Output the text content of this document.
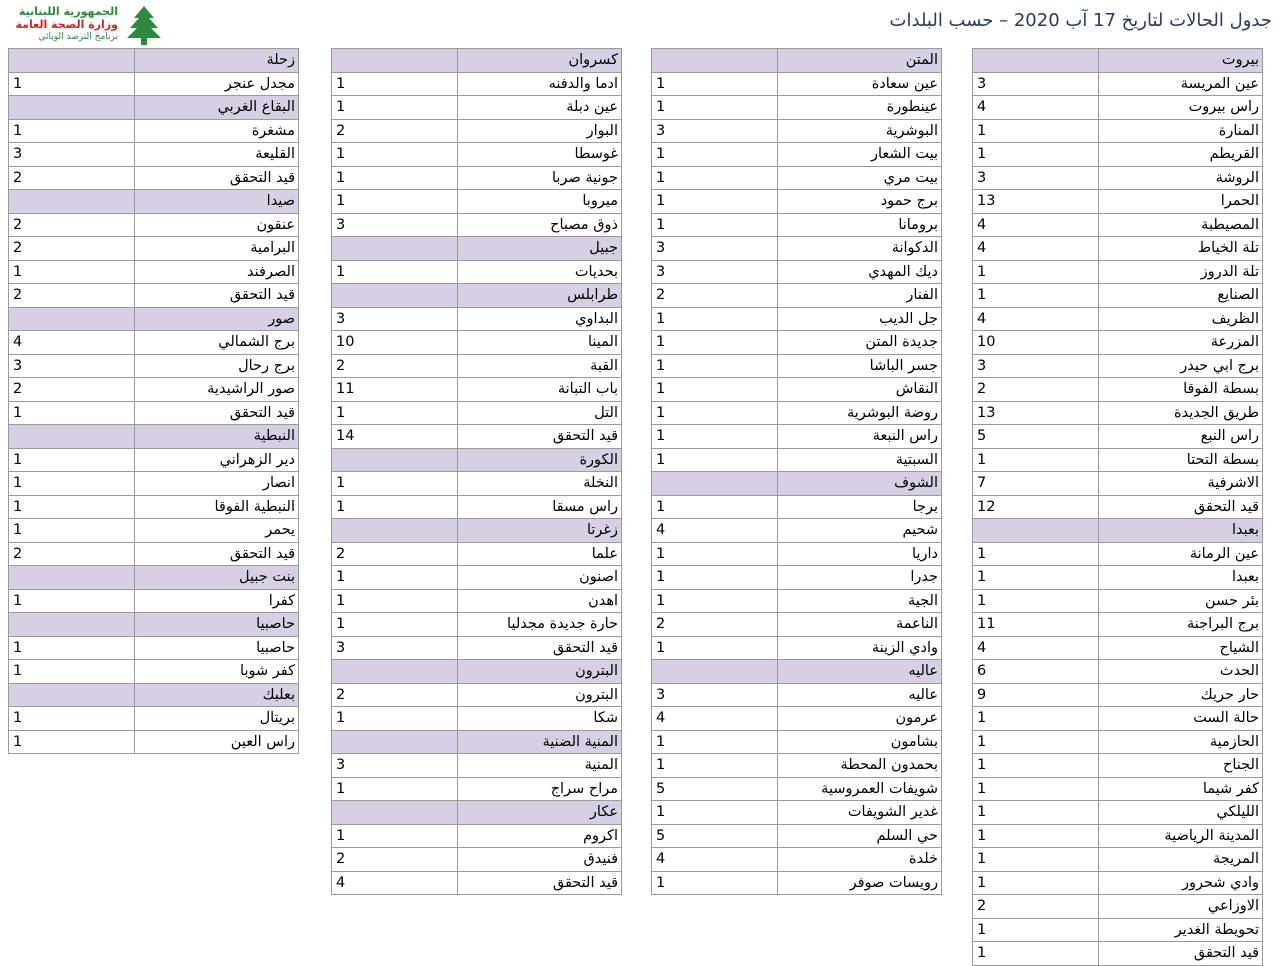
الجمهورية اللبنانية
وزارة الصحة العامة
برنامج الترصد الوبائي
جدول الحالات لتاريخ 17 آب 2020 – حسب البلدات
بيروت	
عين المريسة	3
راس بيروت	4
المنارة	1
القريطم	1
الروشة	3
الحمرا	13
المصيطبة	4
تلة الخياط	4
تلة الدروز	1
الصنايع	1
الظريف	4
المزرعة	10
برج ابي حيدر	3
بسطة الفوقا	2
طريق الجديدة	13
راس النبع	5
بسطة التحتا	1
الاشرفية	7
قيد التحقق	12
بعبدا	
عين الرمانة	1
بعبدا	1
بئر حسن	1
برج البراجنة	11
الشياح	4
الحدث	6
حار حريك	9
حالة الست	1
الحازمية	1
الجناح	1
كفر شيما	1
الليلكي	1
المدينة الرياضية	1
المريجة	1
وادي شحرور	1
الاوزاعي	2
تحويطة الغدير	1
قيد التحقق	1
المتن	
عين سعادة	1
عينطورة	1
البوشرية	3
بيت الشعار	1
بيت مري	1
برج حمود	1
برومانا	1
الدكوانة	3
ديك المهدي	3
الفنار	2
جل الديب	1
جديدة المتن	1
جسر الباشا	1
النقاش	1
روضة البوشرية	1
راس النبعة	1
السبتية	1
الشوف	
برجا	1
شحيم	4
داريا	1
جدرا	1
الجية	1
الناعمة	2
وادي الزينة	1
عاليه	
عاليه	3
عرمون	4
بشامون	1
بحمدون المحطة	1
شويفات العمروسية	5
غدير الشويفات	1
حي السلم	5
خلدة	4
رويسات صوفر	1
كسروان	
ادما والدفنه	1
عين دبلة	1
البوار	2
غوسطا	1
جونية صربا	1
ميروبا	1
ذوق مصباح	3
جبيل	
بحديات	1
طرابلس	
البداوي	3
المينا	10
القبة	2
باب التبانة	11
التل	1
قيد التحقق	14
الكورة	
النخلة	1
راس مسقا	1
زغرتا	
علما	2
اصنون	1
اهدن	1
حارة جديدة مجدليا	1
قيد التحقق	3
البترون	
البترون	2
شكا	1
المنية الضنية	
المنية	3
مراح سراج	1
عكار	
اكروم	1
فنيدق	2
قيد التحقق	4
زحلة	
مجدل عنجر	1
البقاع الغربي	
مشغرة	1
القليعة	3
قيد التحقق	2
صيدا	
عنقون	2
البرامية	2
الصرفند	1
قيد التحقق	2
صور	
برج الشمالي	4
برج رحال	3
صور الراشيدية	2
قيد التحقق	1
النبطية	
دير الزهراني	1
انصار	1
النبطية الفوقا	1
يحمر	1
قيد التحقق	2
بنت جبيل	
كفرا	1
حاصبيا	
حاصبيا	1
كفر شوبا	1
بعلبك	
بريتال	1
راس العين	1
